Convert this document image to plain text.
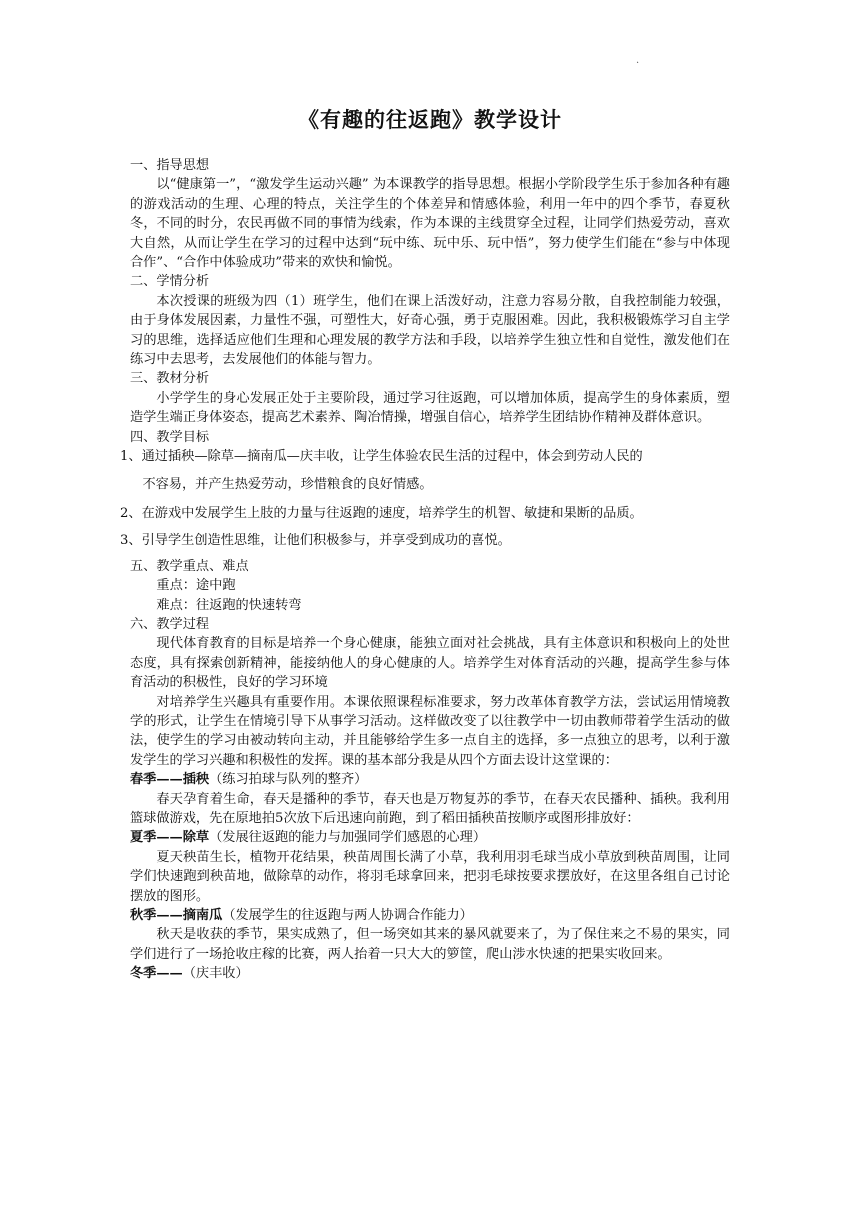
·
《有趣的往返跑》教学设计

一、指导思想

以“健康第一”，“激发学生运动兴趣” 为本课教学的指导思想。根据小学阶段学生乐于参加各种有趣的游戏活动的生理、心理的特点，关注学生的个体差异和情感体验，利用一年中的四个季节，春夏秋冬，不同的时分，农民再做不同的事情为线索，作为本课的主线贯穿全过程，让同学们热爱劳动，喜欢大自然，从而让学生在学习的过程中达到“玩中练、玩中乐、玩中悟”，努力使学生们能在“参与中体现合作”、“合作中体验成功”带来的欢快和愉悦。

二、学情分析

本次授课的班级为四（1）班学生，他们在课上活泼好动，注意力容易分散，自我控制能力较强，由于身体发展因素，力量性不强，可塑性大，好奇心强，勇于克服困难。因此，我积极锻炼学习自主学习的思维，选择适应他们生理和心理发展的教学方法和手段，以培养学生独立性和自觉性，激发他们在练习中去思考，去发展他们的体能与智力。

三、教材分析

小学学生的身心发展正处于主要阶段，通过学习往返跑，可以增加体质，提高学生的身体素质，塑造学生端正身体姿态，提高艺术素养、陶冶情操，增强自信心，培养学生团结协作精神及群体意识。

四、教学目标

1、通过插秧—除草—摘南瓜—庆丰收，让学生体验农民生活的过程中，体会到劳动人民的
不容易，并产生热爱劳动，珍惜粮食的良好情感。

2、在游戏中发展学生上肢的力量与往返跑的速度，培养学生的机智、敏捷和果断的品质。

3、引导学生创造性思维，让他们积极参与，并享受到成功的喜悦。

五、教学重点、难点

重点：途中跑

难点：往返跑的快速转弯

六、教学过程

现代体育教育的目标是培养一个身心健康，能独立面对社会挑战，具有主体意识和积极向上的处世态度，具有探索创新精神，能接纳他人的身心健康的人。培养学生对体育活动的兴趣，提高学生参与体育活动的积极性，良好的学习环境

对培养学生兴趣具有重要作用。本课依照课程标准要求，努力改革体育教学方法，尝试运用情境教学的形式，让学生在情境引导下从事学习活动。这样做改变了以往教学中一切由教师带着学生活动的做法，使学生的学习由被动转向主动，并且能够给学生多一点自主的选择，多一点独立的思考，以利于激发学生的学习兴趣和积极性的发挥。课的基本部分我是从四个方面去设计这堂课的：

春季——插秧（练习拍球与队列的整齐）

春天孕育着生命，春天是播种的季节，春天也是万物复苏的季节，在春天农民播种、插秧。我利用篮球做游戏，先在原地拍5次放下后迅速向前跑，到了稻田插秧苗按顺序或图形排放好：

夏季——除草（发展往返跑的能力与加强同学们感恩的心理）

夏天秧苗生长，植物开花结果，秧苗周围长满了小草，我利用羽毛球当成小草放到秧苗周围，让同学们快速跑到秧苗地，做除草的动作，将羽毛球拿回来，把羽毛球按要求摆放好，在这里各组自己讨论摆放的图形。

秋季——摘南瓜（发展学生的往返跑与两人协调合作能力）

秋天是收获的季节，果实成熟了，但一场突如其来的暴风就要来了，为了保住来之不易的果实，同学们进行了一场抢收庄稼的比赛，两人抬着一只大大的箩筐，爬山涉水快速的把果实收回来。

冬季——（庆丰收）
